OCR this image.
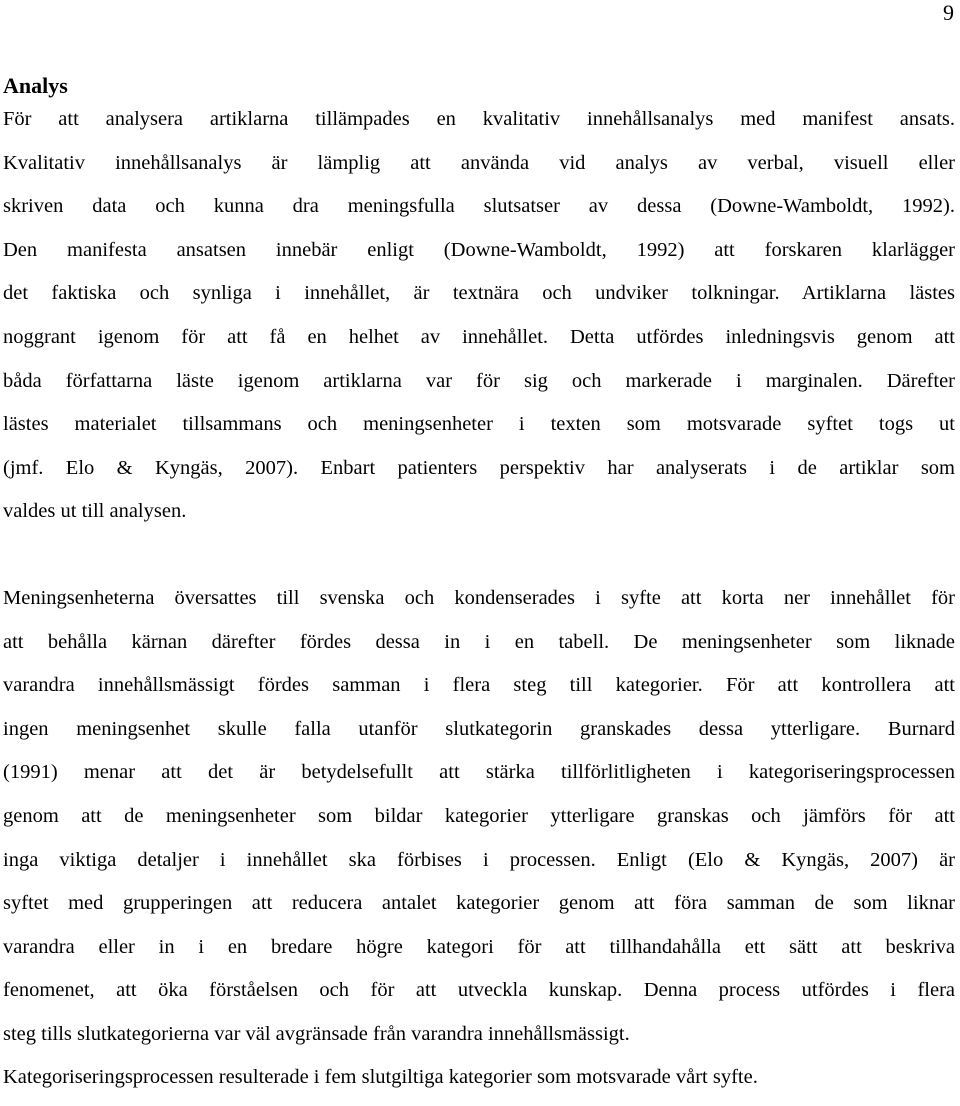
9
Analys
För att analysera artiklarna tillämpades en kvalitativ innehållsanalys med manifest ansats.
Kvalitativ innehållsanalys är lämplig att använda vid analys av verbal, visuell eller
skriven data och kunna dra meningsfulla slutsatser av dessa (Downe-Wamboldt, 1992).
Den manifesta ansatsen innebär enligt (Downe-Wamboldt, 1992) att forskaren klarlägger
det faktiska och synliga i innehållet, är textnära och undviker tolkningar. Artiklarna lästes
noggrant igenom för att få en helhet av innehållet. Detta utfördes inledningsvis genom att
båda författarna läste igenom artiklarna var för sig och markerade i marginalen. Därefter
lästes materialet tillsammans och meningsenheter i texten som motsvarade syftet togs ut
(jmf. Elo & Kyngäs, 2007). Enbart patienters perspektiv har analyserats i de artiklar som
valdes ut till analysen.
Meningsenheterna översattes till svenska och kondenserades i syfte att korta ner innehållet för
att behålla kärnan därefter fördes dessa in i en tabell. De meningsenheter som liknade
varandra innehållsmässigt fördes samman i flera steg till kategorier. För att kontrollera att
ingen meningsenhet skulle falla utanför slutkategorin granskades dessa ytterligare. Burnard
(1991) menar att det är betydelsefullt att stärka tillförlitligheten i kategoriseringsprocessen
genom att de meningsenheter som bildar kategorier ytterligare granskas och jämförs för att
inga viktiga detaljer i innehållet ska förbises i processen. Enligt (Elo & Kyngäs, 2007) är
syftet med grupperingen att reducera antalet kategorier genom att föra samman de som liknar
varandra eller in i en bredare högre kategori för att tillhandahålla ett sätt att beskriva
fenomenet, att öka förståelsen och för att utveckla kunskap. Denna process utfördes i flera
steg tills slutkategorierna var väl avgränsade från varandra innehållsmässigt.
Kategoriseringsprocessen resulterade i fem slutgiltiga kategorier som motsvarade vårt syfte.
